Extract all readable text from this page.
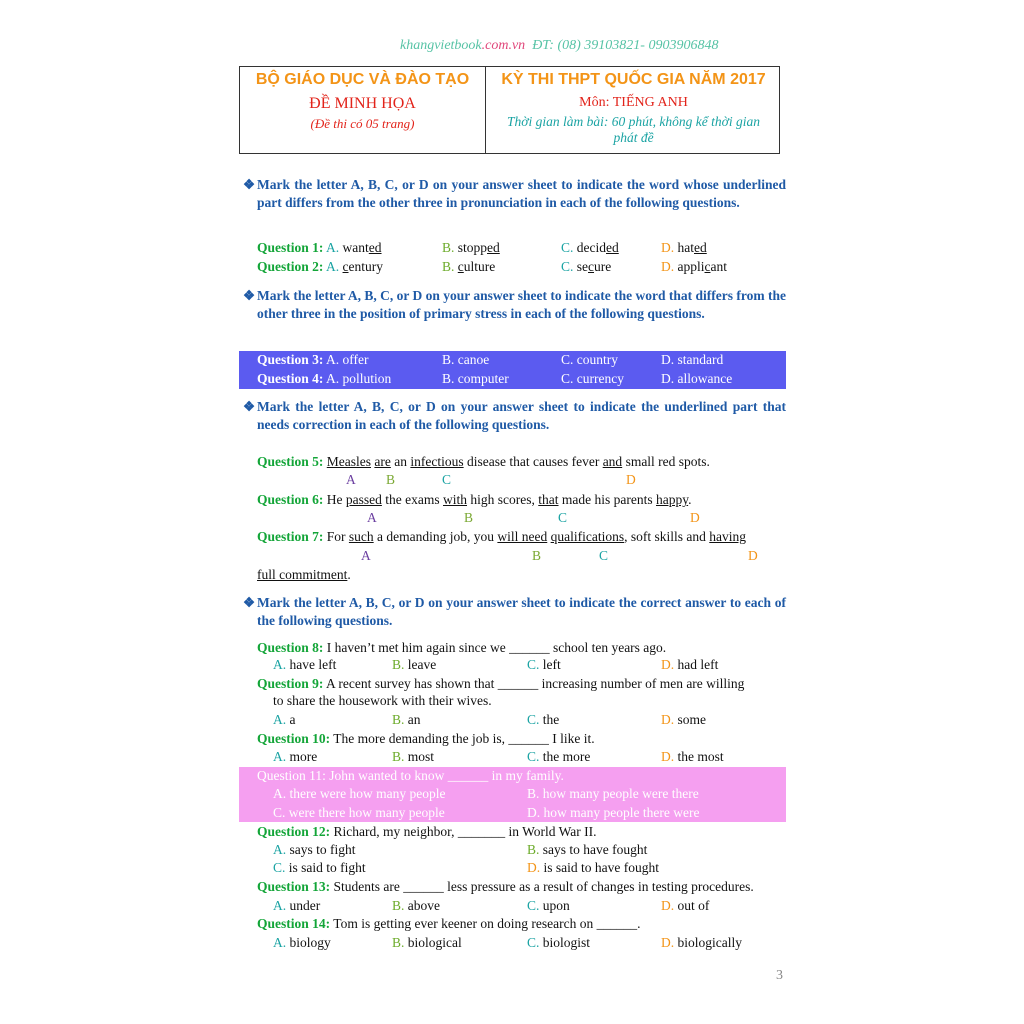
khangvietbook.com.vn ĐT: (08) 39103821- 0903906848
BỘ GIÁO DỤC VÀ ĐÀO TẠO
ĐỀ MINH HỌA
(Đề thi có 05 trang)
KỲ THI THPT QUỐC GIA NĂM 2017
Môn: TIẾNG ANH
Thời gian làm bài: 60 phút, không kể thời gian
phát đề
❖ Mark the letter A, B, C, or D on your answer sheet to indicate the word whose underlined part differs from the other three in pronunciation in each of the following questions.
Question 1: A. wanted	B. stopped	C. decided	D. hated
Question 2: A. century	B. culture	C. secure	D. applicant
❖ Mark the letter A, B, C, or D on your answer sheet to indicate the word that differs from the other three in the position of primary stress in each of the following questions.
Question 3: A. offer	B. canoe	C. country	D. standard
Question 4: A. pollution	B. computer	C. currency	D. allowance
❖ Mark the letter A, B, C, or D on your answer sheet to indicate the underlined part that needs correction in each of the following questions.
Question 5: Measles are an infectious disease that causes fever and small red spots.
A B	C	D
Question 6: He passed the exams with high scores, that made his parents happy.
A	B	C	D
Question 7: For such a demanding job, you will need qualifications, soft skills and having
A	B	C	D
full commitment.
❖ Mark the letter A, B, C, or D on your answer sheet to indicate the correct answer to each of the following questions.
Question 8: I haven’t met him again since we ______ school ten years ago.
A. have left	B. leave	C. left	D. had left
Question 9: A recent survey has shown that ______ increasing number of men are willing
to share the housework with their wives.
A. a	B. an	C. the	D. some
Question 10: The more demanding the job is, ______ I like it.
A. more	B. most	C. the more	D. the most
Question 11: John wanted to know ______ in my family.
A. there were how many people	B. how many people were there
C. were there how many people	D. how many people there were
Question 12: Richard, my neighbor, _______ in World War II.
A. says to fight	B. says to have fought
C. is said to fight	D. is said to have fought
Question 13: Students are ______ less pressure as a result of changes in testing procedures.
A. under	B. above	C. upon	D. out of
Question 14: Tom is getting ever keener on doing research on ______.
A. biology	B. biological	C. biologist	D. biologically
3
